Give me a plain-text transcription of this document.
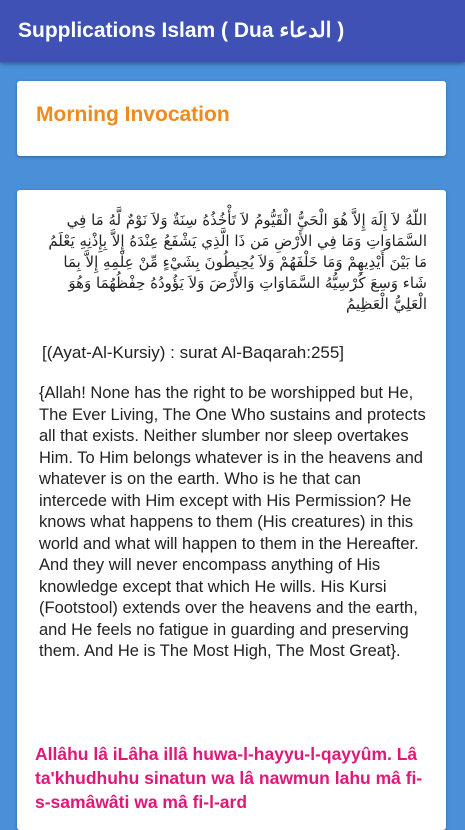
Supplications Islam ( Dua الدعاء )
Morning Invocation
اللّهُ لاَ إِلَهَ إِلاَّ هُوَ الْحَيُّ الْقَيُّومُ لاَ تَأْخُذُهُ سِنَةٌ وَلاَ نَوْمٌ لَّهُ مَا فِي السَّمَاوَاتِ وَمَا فِي الأَرْضِ مَن ذَا الَّذِي يَشْفَعُ عِنْدَهُ إِلاَّ بِإِذْنِهِ يَعْلَمُ مَا بَيْنَ أَيْدِيهِمْ وَمَا خَلْفَهُمْ وَلاَ يُحِيطُونَ بِشَيْءٍ مِّنْ عِلْمِهِ إِلاَّ بِمَا شَاء وَسِعَ كُرْسِيُّهُ السَّمَاوَاتِ وَالأَرْضَ وَلاَ يَؤُودُهُ حِفْظُهُمَا وَهُوَ الْعَلِيُّ الْعَظِيمُ
[(Ayat-Al-Kursiy) : surat Al-Baqarah:255]
{Allah! None has the right to be worshipped but He, The Ever Living, The One Who sustains and protects all that exists. Neither slumber nor sleep overtakes Him. To Him belongs whatever is in the heavens and whatever is on the earth. Who is he that can intercede with Him except with His Permission? He knows what happens to them (His creatures) in this world and what will happen to them in the Hereafter. And they will never encompass anything of His knowledge except that which He wills. His Kursi (Footstool) extends over the heavens and the earth, and He feels no fatigue in guarding and preserving them. And He is The Most High, The Most Great}.
Allâhu lâ iLâha illâ huwa-l-hayyu-l-qayyûm. Lâ ta'khudhuhu sinatun wa lâ nawmun lahu mâ fi-s-samâwâti wa mâ fi-l-ard
